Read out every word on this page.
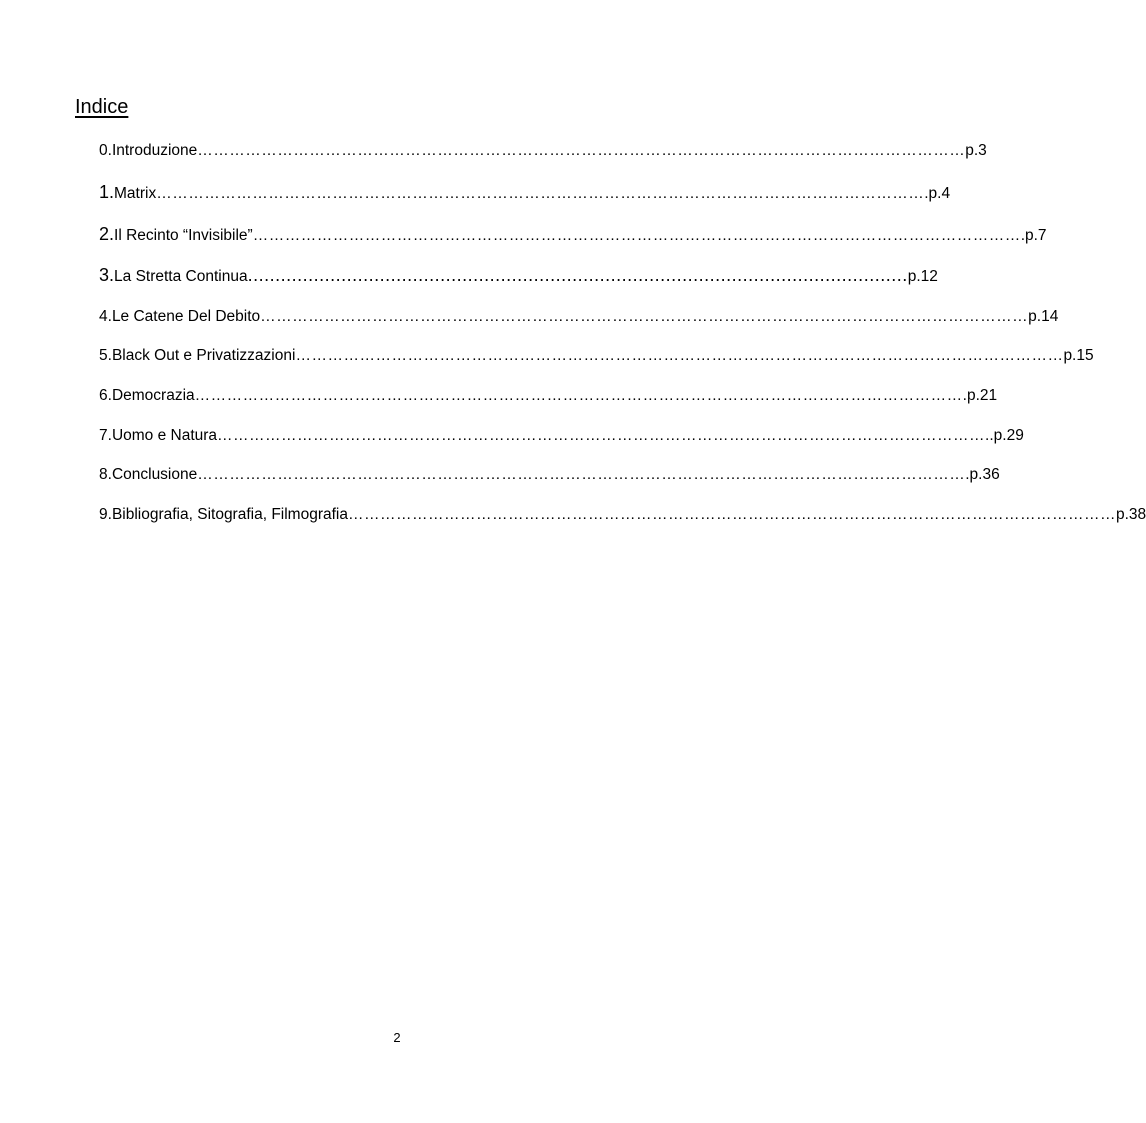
Indice
0. Introduzione ……………………………………………………………………………………………………………………………… p.3
1. Matrix ……………………………………………………………………………………………………………………………… .p.4
2. Il Recinto “Invisibile” ……………………………………………………………………………………………………………………………… .p.7
3. La Stretta Continua ........................................................................................................................ p.12
4. Le Catene Del Debito ……………………………………………………………………………………………………………………………… p.14
5. Black Out e Privatizzazioni ……………………………………………………………………………………………………………………………… p.15
6. Democrazia ……………………………………………………………………………………………………………………………… .p.21
7. Uomo e Natura ……………………………………………………………………………………………………………………………… ..p.29
8. Conclusione ……………………………………………………………………………………………………………………………… .p.36
9. Bibliografia, Sitografia, Filmografia ……………………………………………………………………………………………………………………………… p.38
2
